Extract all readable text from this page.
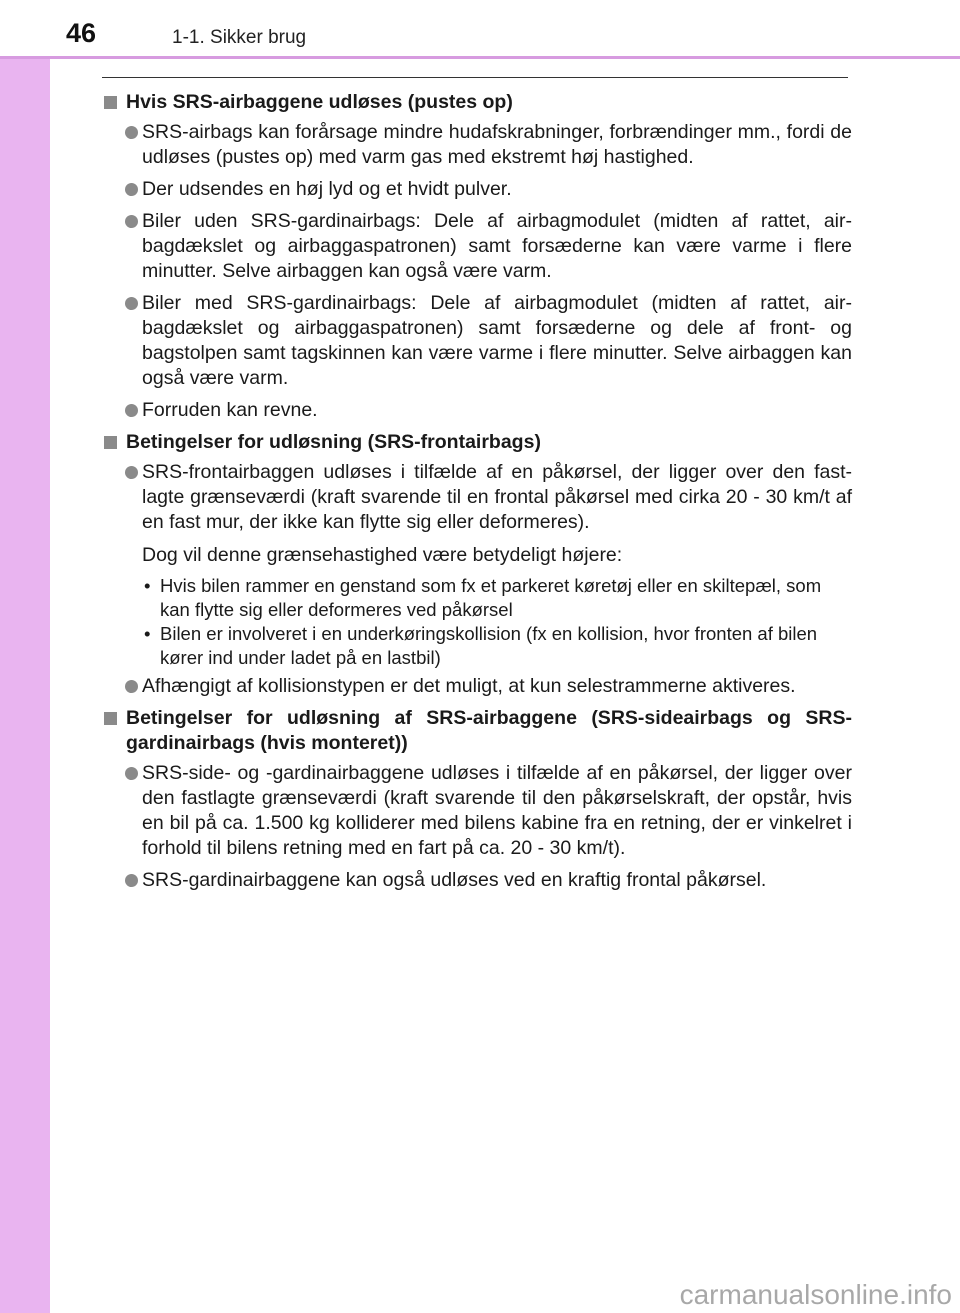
46	1-1. Sikker brug
Hvis SRS-airbaggene udløses (pustes op)
SRS-airbags kan forårsage mindre hudafskrabninger, forbrændinger mm., fordi de udløses (pustes op) med varm gas med ekstremt høj hastighed.
Der udsendes en høj lyd og et hvidt pulver.
Biler uden SRS-gardinairbags: Dele af airbagmodulet (midten af rattet, air-bagdækslet og airbaggaspatronen) samt forsæderne kan være varme i flere minutter. Selve airbaggen kan også være varm.
Biler med SRS-gardinairbags: Dele af airbagmodulet (midten af rattet, air-bagdækslet og airbaggaspatronen) samt forsæderne og dele af front- og bagstolpen samt tagskinnen kan være varme i flere minutter. Selve airbaggen kan også være varm.
Forruden kan revne.
Betingelser for udløsning (SRS-frontairbags)
SRS-frontairbaggen udløses i tilfælde af en påkørsel, der ligger over den fast-lagte grænseværdi (kraft svarende til en frontal påkørsel med cirka 20 - 30 km/t af en fast mur, der ikke kan flytte sig eller deformeres).
Dog vil denne grænsehastighed være betydeligt højere:
• Hvis bilen rammer en genstand som fx et parkeret køretøj eller en skiltepæl, som kan flytte sig eller deformeres ved påkørsel
• Bilen er involveret i en underkøringskollision (fx en kollision, hvor fronten af bilen kører ind under ladet på en lastbil)
Afhængigt af kollisionstypen er det muligt, at kun selestrammerne aktiveres.
Betingelser for udløsning af SRS-airbaggene (SRS-sideairbags og SRS-gardinairbags (hvis monteret))
SRS-side- og -gardinairbaggene udløses i tilfælde af en påkørsel, der ligger over den fastlagte grænseværdi (kraft svarende til den påkørselskraft, der opstår, hvis en bil på ca. 1.500 kg kolliderer med bilens kabine fra en retning, der er vinkelret i forhold til bilens retning med en fart på ca. 20 - 30 km/t).
SRS-gardinairbaggene kan også udløses ved en kraftig frontal påkørsel.
carmanualsonline.info
